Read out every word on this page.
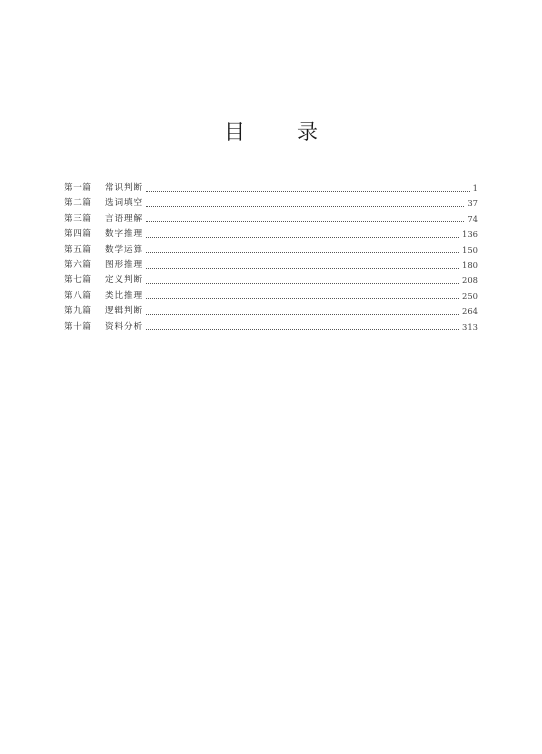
目 录
第一篇	常识判断	1
第二篇	选词填空	37
第三篇	言语理解	74
第四篇	数字推理	136
第五篇	数学运算	150
第六篇	图形推理	180
第七篇	定义判断	208
第八篇	类比推理	250
第九篇	逻辑判断	264
第十篇	资料分析	313
